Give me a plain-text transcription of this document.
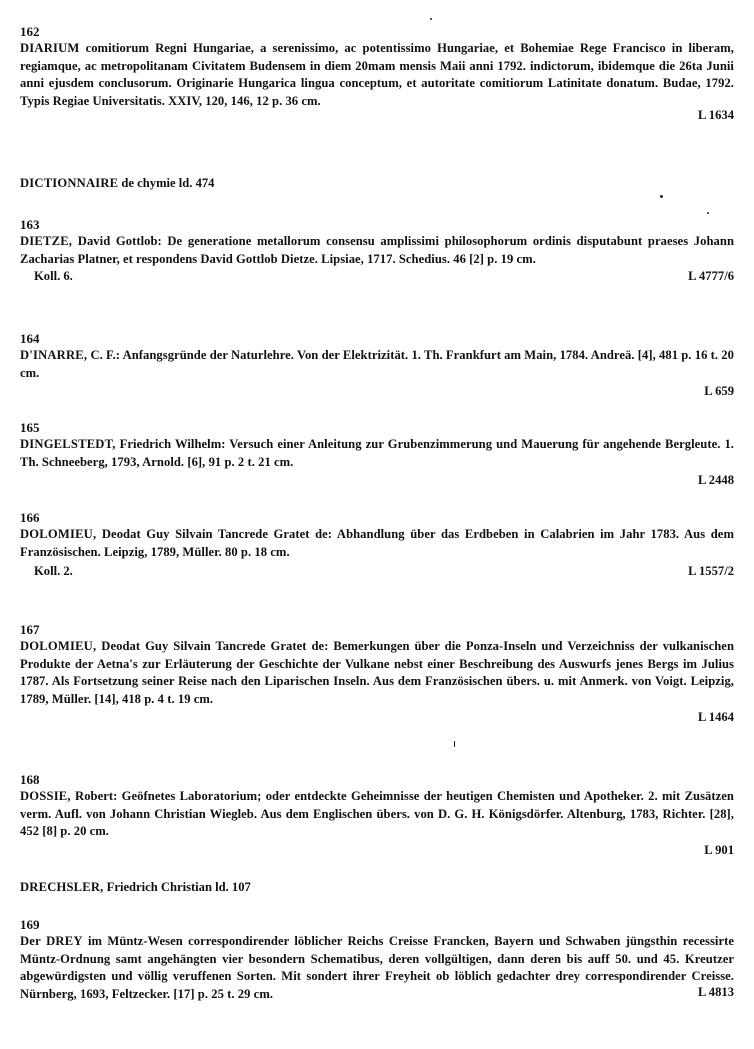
162

DIARIUM comitiorum Regni Hungariae, a serenissimo, ac potentissimo Hungariae, et Bohemiae Rege Francisco in liberam, regiamque, ac metropolitanam Civitatem Budensem in diem 20mam mensis Maii anni 1792. indictorum, ibidemque die 26ta Junii anni ejusdem conclusorum. Originarie Hungarica lingua conceptum, et autoritate comitiorum Latinitate donatum. Budae, 1792. Typis Regiae Universitatis. XXIV, 120, 146, 12 p. 36 cm.

L 1634
DICTIONNAIRE de chymie ld. 474

163

DIETZE, David Gottlob: De generatione metallorum consensu amplissimi philosophorum ordinis disputabunt praeses Johann Zacharias Platner, et respondens David Gottlob Dietze. Lipsiae, 1717. Schedius. 46 [2] p. 19 cm.

Koll. 6.	L 4777/6

164

D'INARRE, C. F.: Anfangsgründe der Naturlehre. Von der Elektrizität. 1. Th. Frankfurt am Main, 1784. Andreä. [4], 481 p. 16 t. 20 cm.

L 659

165

DINGELSTEDT, Friedrich Wilhelm: Versuch einer Anleitung zur Grubenzimmerung und Mauerung für angehende Bergleute. 1. Th. Schneeberg, 1793, Arnold. [6], 91 p. 2 t. 21 cm.

L 2448

166

DOLOMIEU, Deodat Guy Silvain Tancrede Gratet de: Abhandlung über das Erdbeben in Calabrien im Jahr 1783. Aus dem Französischen. Leipzig, 1789, Müller. 80 p. 18 cm.

Koll. 2.	L 1557/2

167

DOLOMIEU, Deodat Guy Silvain Tancrede Gratet de: Bemerkungen über die Ponza-Inseln und Verzeichniss der vulkanischen Produkte der Aetna's zur Erläuterung der Geschichte der Vulkane nebst einer Beschreibung des Auswurfs jenes Bergs im Julius 1787. Als Fortsetzung seiner Reise nach den Liparischen Inseln. Aus dem Französischen übers. u. mit Anmerk. von Voigt. Leipzig, 1789, Müller. [14], 418 p. 4 t. 19 cm.

L 1464

168

DOSSIE, Robert: Geöfnetes Laboratorium; oder entdeckte Geheimnisse der heutigen Chemisten und Apotheker. 2. mit Zusätzen verm. Aufl. von Johann Christian Wiegleb. Aus dem Englischen übers. von D. G. H. Königsdörfer. Altenburg, 1783, Richter. [28], 452 [8] p. 20 cm.

L 901
DRECHSLER, Friedrich Christian ld. 107

169

Der DREY im Müntz-Wesen correspondirender löblicher Reichs Creisse Francken, Bayern und Schwaben jüngsthin recessirte Müntz-Ordnung samt angehängten vier besondern Schematibus, deren vollgültigen, dann deren bis auff 50. und 45. Kreutzer abgewürdigsten und völlig veruffenen Sorten. Mit sondert ihrer Freyheit ob löblich gedachter drey correspondirender Creisse. Nürnberg, 1693, Feltzecker. [17] p. 25 t. 29 cm.	L 4813
